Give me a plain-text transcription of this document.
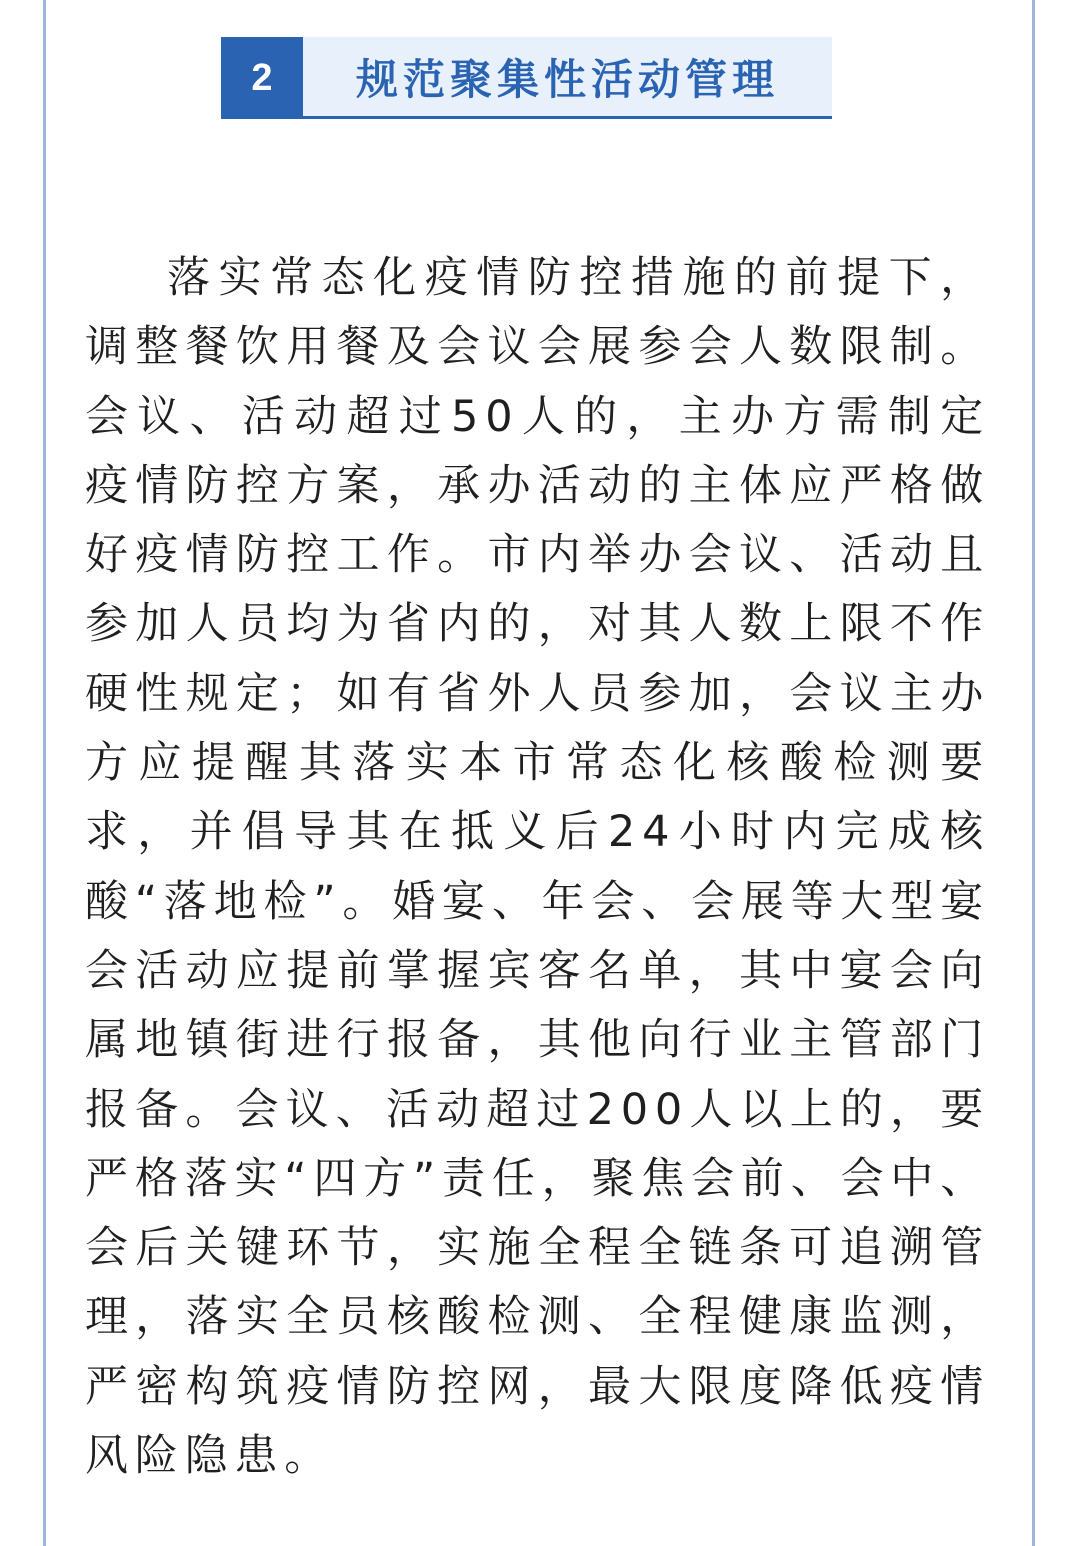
2	规范聚集性活动管理

落实常态化疫情防控措施的前提下，调整餐饮用餐及会议会展参会人数限制。会议、活动超过50人的，主办方需制定疫情防控方案，承办活动的主体应严格做好疫情防控工作。市内举办会议、活动且参加人员均为省内的，对其人数上限不作硬性规定；如有省外人员参加，会议主办方应提醒其落实本市常态化核酸检测要求，并倡导其在抵义后24小时内完成核酸“落地检”。婚宴、年会、会展等大型宴会活动应提前掌握宾客名单，其中宴会向属地镇街进行报备，其他向行业主管部门报备。会议、活动超过200人以上的，要严格落实“四方”责任，聚焦会前、会中、会后关键环节，实施全程全链条可追溯管理，落实全员核酸检测、全程健康监测，严密构筑疫情防控网，最大限度降低疫情风险隐患。
